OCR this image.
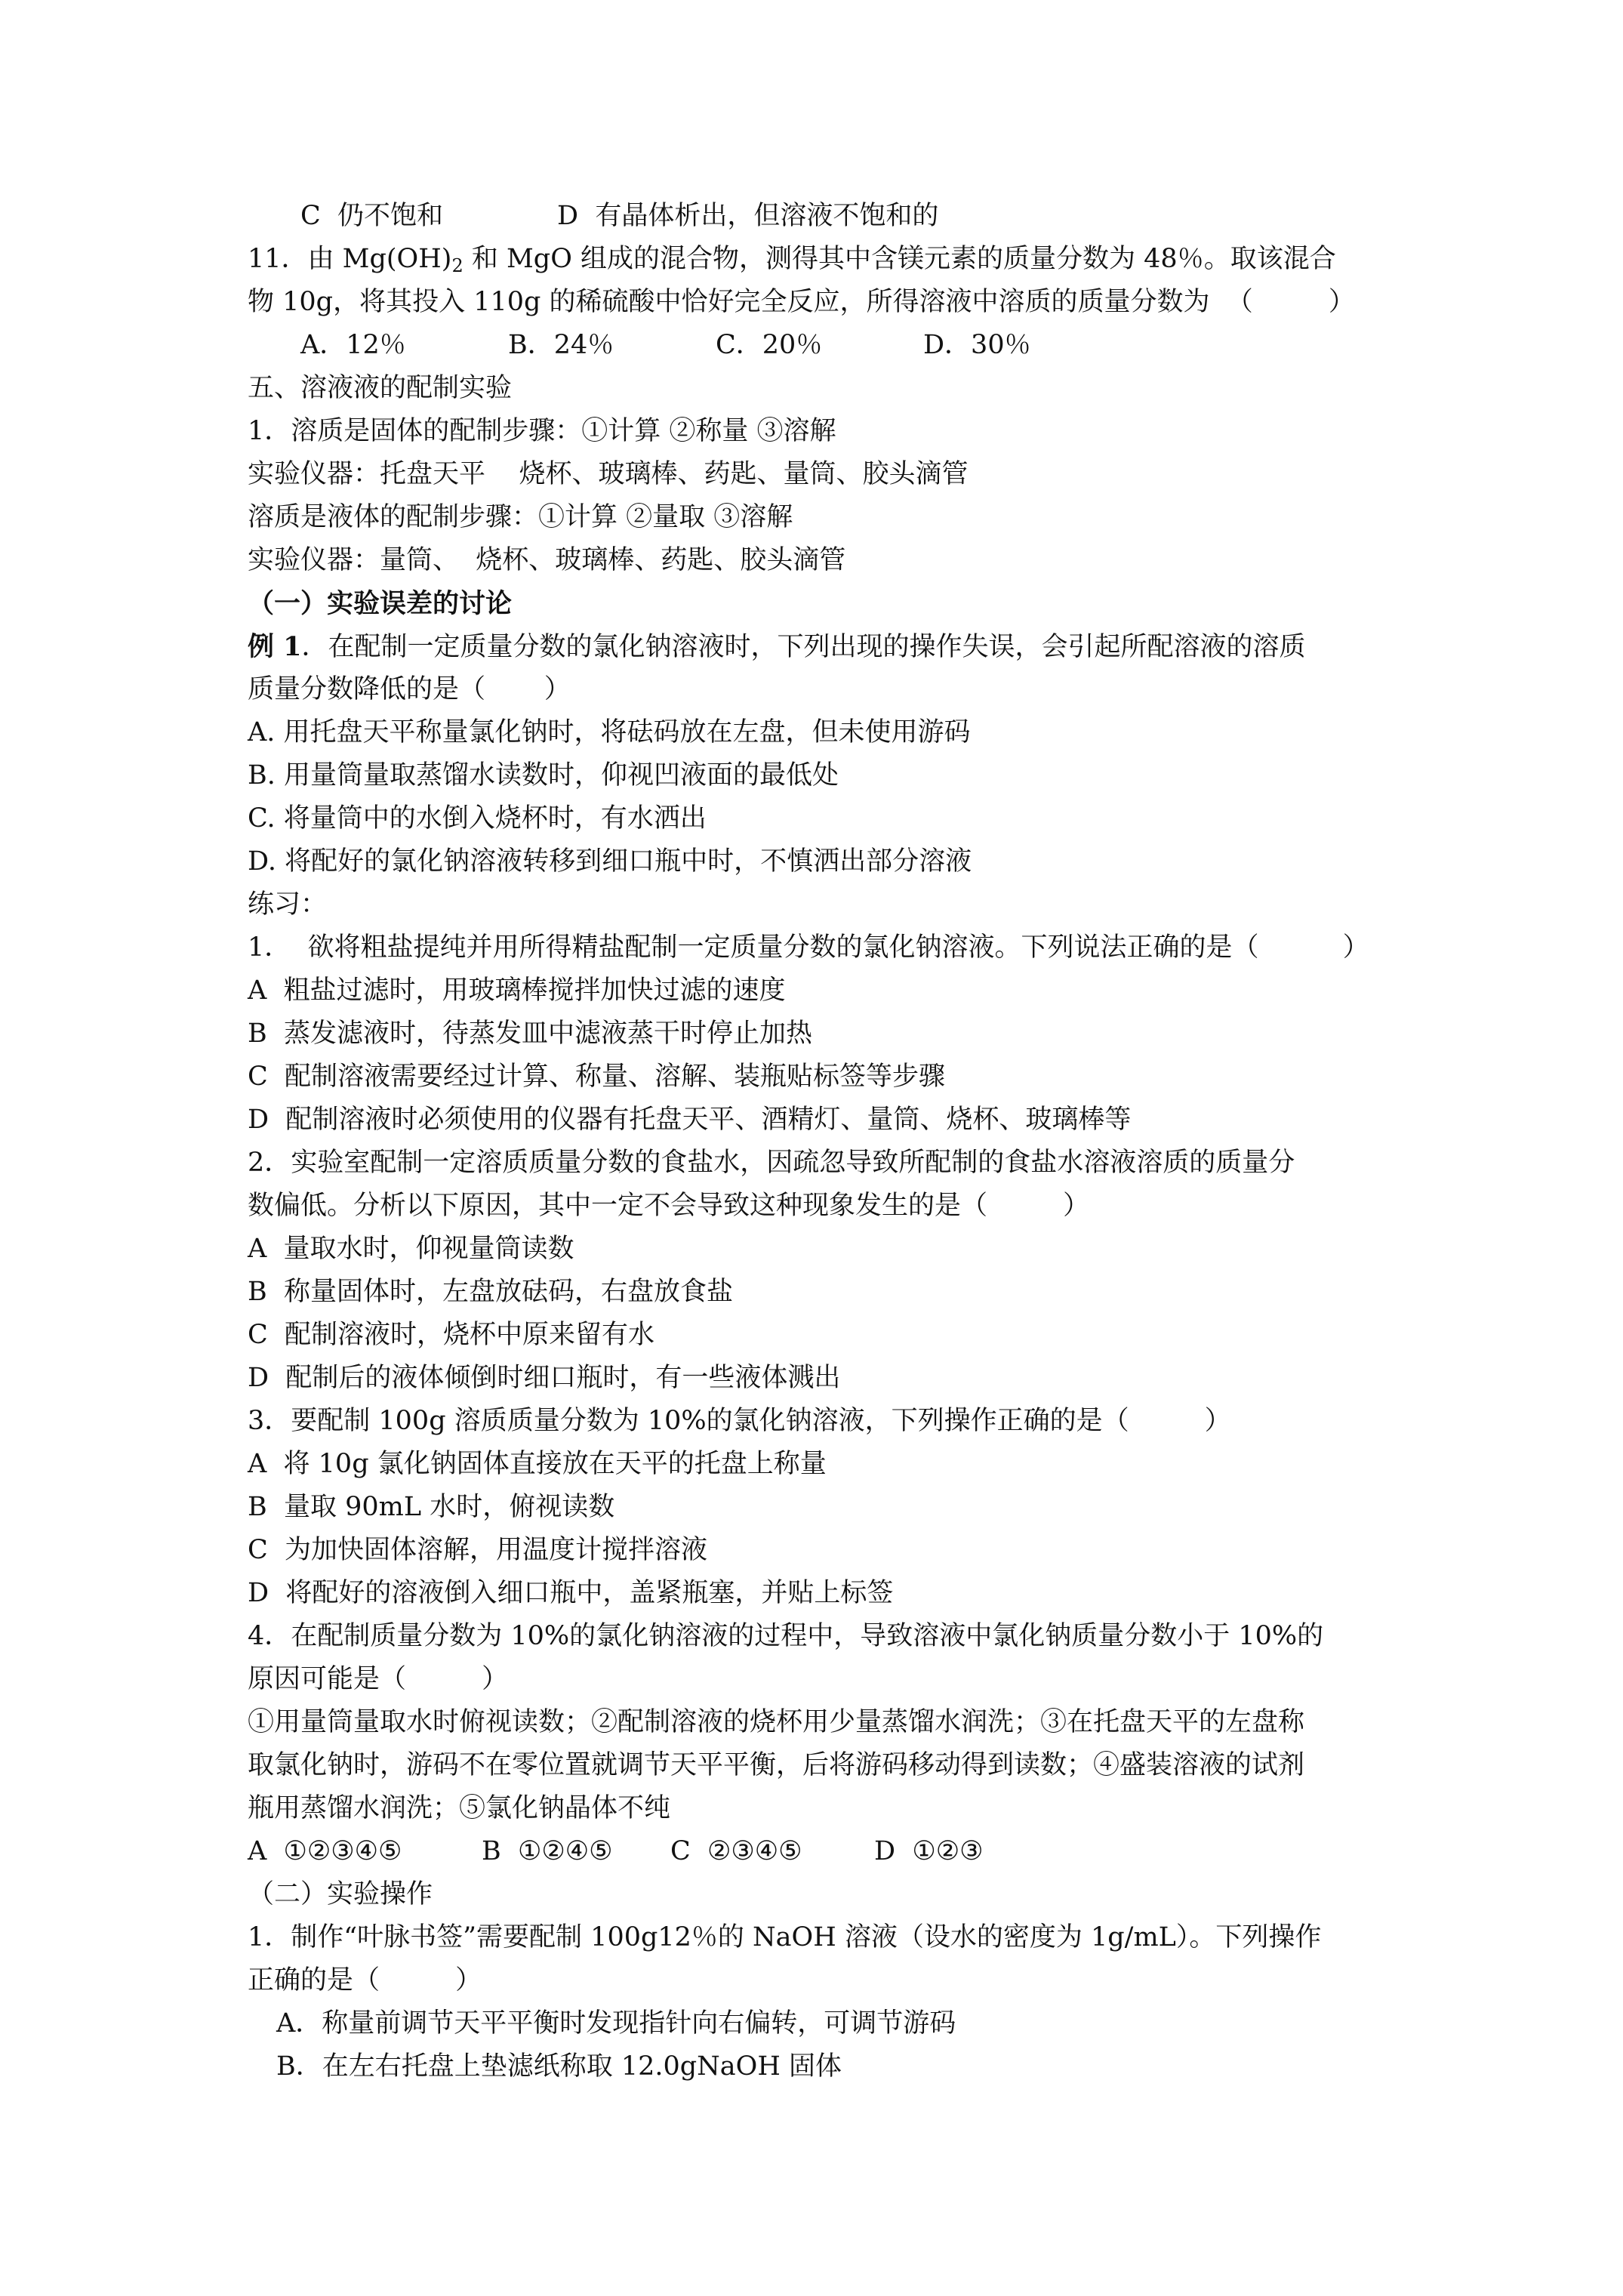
C  仍不饱和	D  有晶体析出，但溶液不饱和的
11．由 $Mg(OH)_2$ 和 MgO 组成的混合物，测得其中含镁元素的质量分数为 48％。取该混合
物 10g，将其投入 110g 的稀硫酸中恰好完全反应，所得溶液中溶质的质量分数为  （         ）
A．12％	B．24％	C．20％	D．30％
五、溶液液的配制实验
1．溶质是固体的配制步骤：①计算 ②称量 ③溶解
实验仪器：托盘天平    烧杯、玻璃棒、药匙、量筒、胶头滴管
溶质是液体的配制步骤：①计算 ②量取 ③溶解
实验仪器：量筒、  烧杯、玻璃棒、药匙、胶头滴管
（一）实验误差的讨论
例 1．在配制一定质量分数的氯化钠溶液时，下列出现的操作失误，会引起所配溶液的溶质
质量分数降低的是（       ）
A. 用托盘天平称量氯化钠时，将砝码放在左盘，但未使用游码
B. 用量筒量取蒸馏水读数时，仰视凹液面的最低处
C. 将量筒中的水倒入烧杯时，有水洒出
D. 将配好的氯化钠溶液转移到细口瓶中时，不慎洒出部分溶液
练习：
1．  欲将粗盐提纯并用所得精盐配制一定质量分数的氯化钠溶液。下列说法正确的是（          ）
A  粗盐过滤时，用玻璃棒搅拌加快过滤的速度
B  蒸发滤液时，待蒸发皿中滤液蒸干时停止加热
C  配制溶液需要经过计算、称量、溶解、装瓶贴标签等步骤
D  配制溶液时必须使用的仪器有托盘天平、酒精灯、量筒、烧杯、玻璃棒等
2．实验室配制一定溶质质量分数的食盐水，因疏忽导致所配制的食盐水溶液溶质的质量分
数偏低。分析以下原因，其中一定不会导致这种现象发生的是（         ）
A  量取水时，仰视量筒读数
B  称量固体时，左盘放砝码，右盘放食盐
C  配制溶液时，烧杯中原来留有水
D  配制后的液体倾倒时细口瓶时，有一些液体溅出
3．要配制 100g 溶质质量分数为 10%的氯化钠溶液，下列操作正确的是（         ）
A  将 10g 氯化钠固体直接放在天平的托盘上称量
B  量取 90mL 水时，俯视读数
C  为加快固体溶解，用温度计搅拌溶液
D  将配好的溶液倒入细口瓶中，盖紧瓶塞，并贴上标签
4．在配制质量分数为 10%的氯化钠溶液的过程中，导致溶液中氯化钠质量分数小于 10%的
原因可能是（         ）
①用量筒量取水时俯视读数；②配制溶液的烧杯用少量蒸馏水润洗；③在托盘天平的左盘称
取氯化钠时，游码不在零位置就调节天平平衡，后将游码移动得到读数；④盛装溶液的试剂
瓶用蒸馏水润洗；⑤氯化钠晶体不纯
A  ①②③④⑤	B  ①②④⑤ C  ②③④⑤	D  ①②③
（二）实验操作
1．制作“叶脉书签”需要配制 100g12％的 NaOH 溶液（设水的密度为 1g/mL）。下列操作
正确的是（         ）
A．称量前调节天平平衡时发现指针向右偏转，可调节游码
B．在左右托盘上垫滤纸称取 12.0gNaOH 固体
